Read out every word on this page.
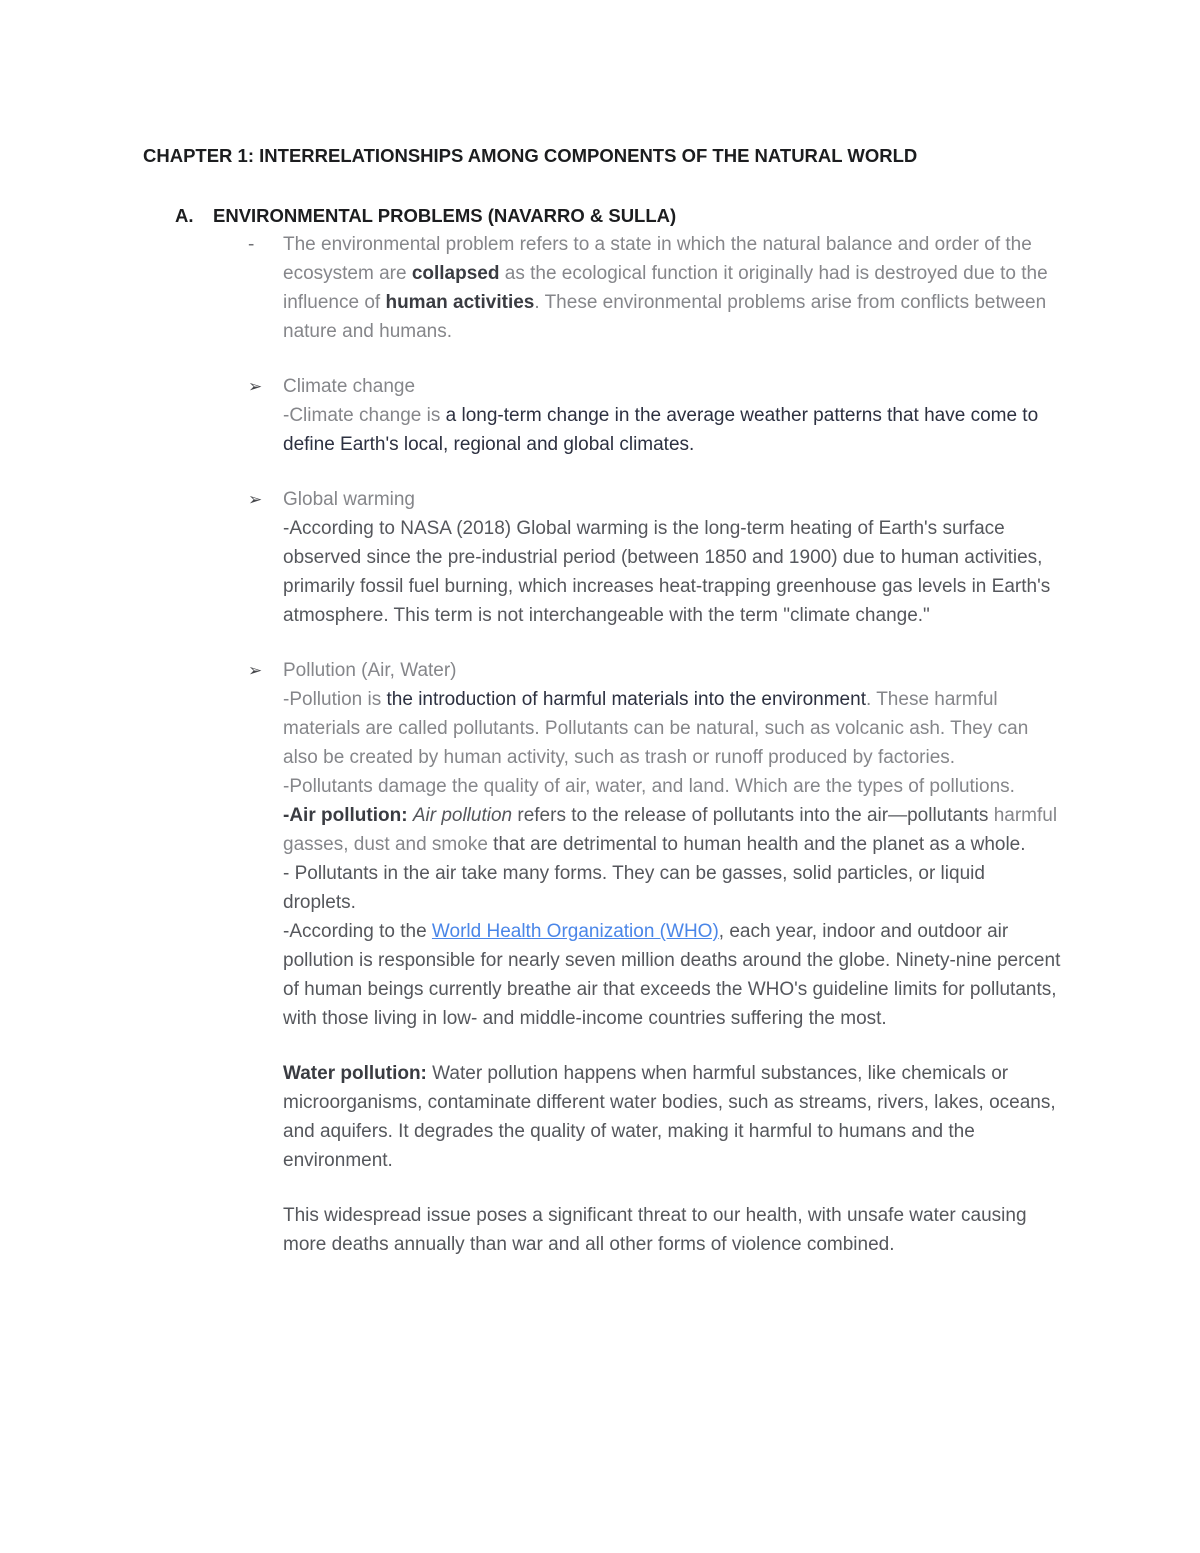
CHAPTER 1: INTERRELATIONSHIPS AMONG COMPONENTS OF THE NATURAL WORLD
A.	ENVIRONMENTAL PROBLEMS (NAVARRO & SULLA)
-	The environmental problem refers to a state in which the natural balance and order of the ecosystem are collapsed as the ecological function it originally had is destroyed due to the influence of human activities. These environmental problems arise from conflicts between nature and humans.
➢	Climate change
-Climate change is a long-term change in the average weather patterns that have come to define Earth's local, regional and global climates.
➢	Global warming
-According to NASA (2018) Global warming is the long-term heating of Earth's surface observed since the pre-industrial period (between 1850 and 1900) due to human activities, primarily fossil fuel burning, which increases heat-trapping greenhouse gas levels in Earth's atmosphere. This term is not interchangeable with the term "climate change."
➢	Pollution (Air, Water)
-Pollution is the introduction of harmful materials into the environment. These harmful materials are called pollutants. Pollutants can be natural, such as volcanic ash. They can also be created by human activity, such as trash or runoff produced by factories.
-Pollutants damage the quality of air, water, and land. Which are the types of pollutions.
-Air pollution: Air pollution refers to the release of pollutants into the air—pollutants harmful gasses, dust and smoke that are detrimental to human health and the planet as a whole.
- Pollutants in the air take many forms. They can be gasses, solid particles, or liquid droplets.
-According to the World Health Organization (WHO), each year, indoor and outdoor air pollution is responsible for nearly seven million deaths around the globe. Ninety-nine percent of human beings currently breathe air that exceeds the WHO's guideline limits for pollutants, with those living in low- and middle-income countries suffering the most.
Water pollution: Water pollution happens when harmful substances, like chemicals or microorganisms, contaminate different water bodies, such as streams, rivers, lakes, oceans, and aquifers. It degrades the quality of water, making it harmful to humans and the environment.
This widespread issue poses a significant threat to our health, with unsafe water causing more deaths annually than war and all other forms of violence combined.
